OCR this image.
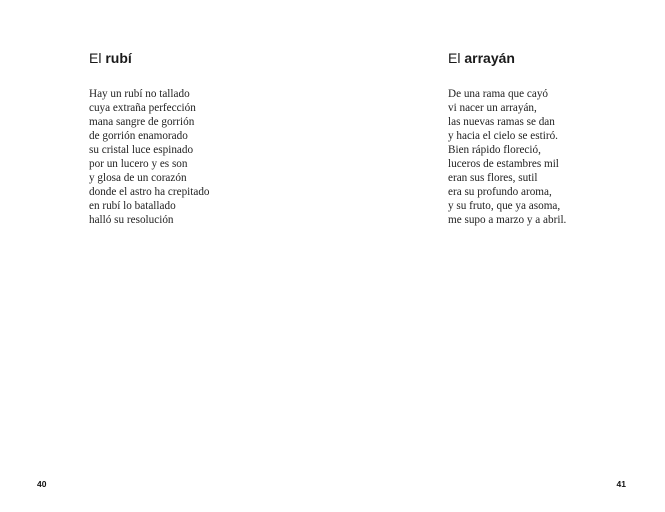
El rubí
Hay un rubí no tallado
cuya extraña perfección
mana sangre de gorrión
de gorrión enamorado
su cristal luce espinado
por un lucero y es son
y glosa de un corazón
donde el astro ha crepitado
en rubí lo batallado
halló su resolución
40
El arrayán
De una rama que cayó
vi nacer un arrayán,
las nuevas ramas se dan
y hacia el cielo se estiró.
Bien rápido floreció,
luceros de estambres mil
eran sus flores, sutil
era su profundo aroma,
y su fruto, que ya asoma,
me supo a marzo y a abril.
41
